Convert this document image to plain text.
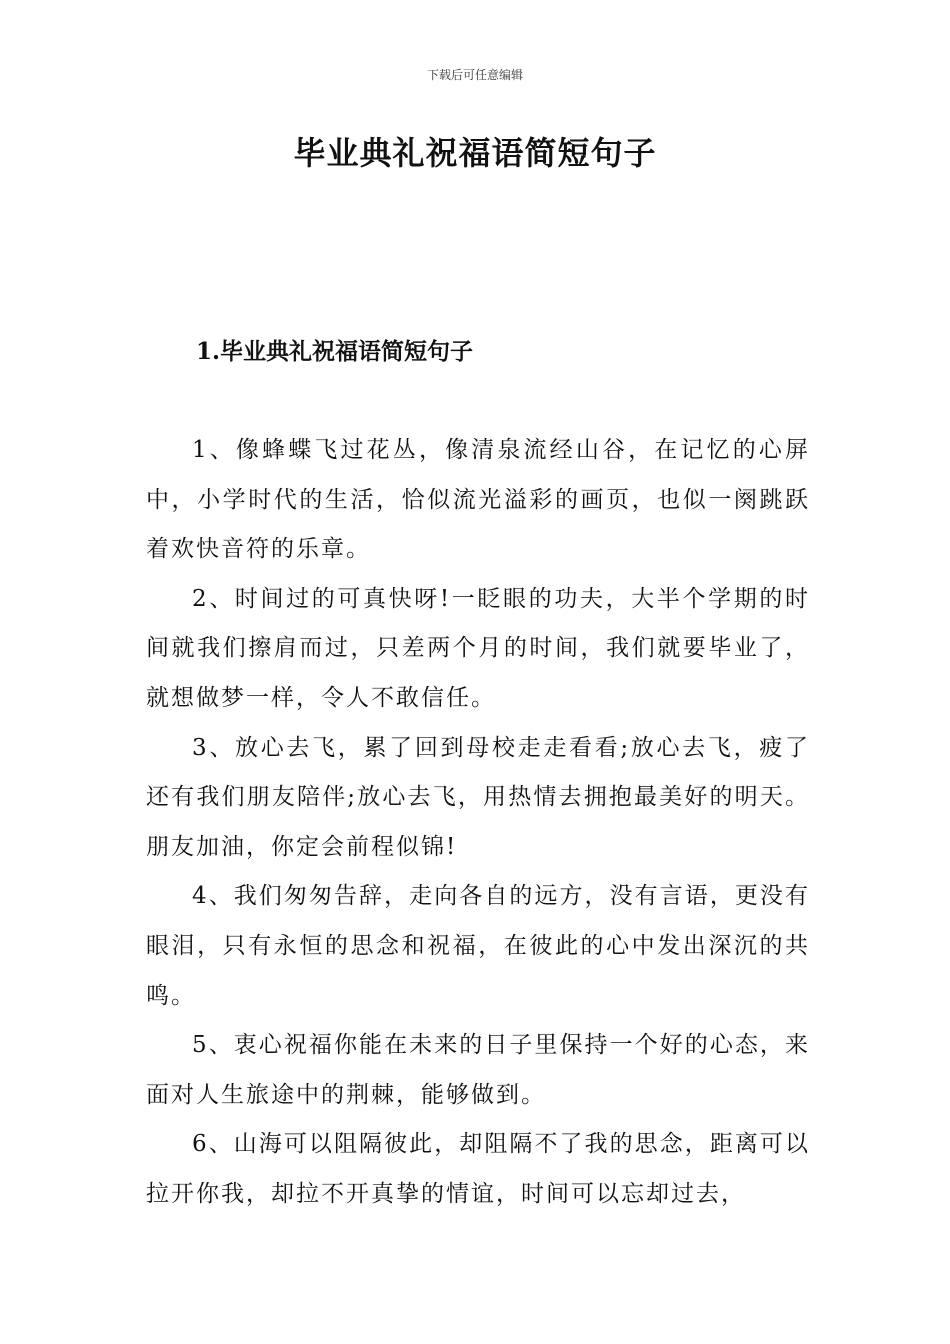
下载后可任意编辑
毕业典礼祝福语简短句子
1.毕业典礼祝福语简短句子

1、像蜂蝶飞过花丛，像清泉流经山谷，在记忆的心屏中，小学时代的生活，恰似流光溢彩的画页，也似一阕跳跃着欢快音符的乐章。

2、时间过的可真快呀!一眨眼的功夫，大半个学期的时间就我们擦肩而过，只差两个月的时间，我们就要毕业了，就想做梦一样，令人不敢信任。

3、放心去飞，累了回到母校走走看看;放心去飞，疲了还有我们朋友陪伴;放心去飞，用热情去拥抱最美好的明天。朋友加油，你定会前程似锦!

4、我们匆匆告辞，走向各自的远方，没有言语，更没有眼泪，只有永恒的思念和祝福，在彼此的心中发出深沉的共鸣。

5、衷心祝福你能在未来的日子里保持一个好的心态，来面对人生旅途中的荆棘，能够做到。

6、山海可以阻隔彼此，却阻隔不了我的思念，距离可以拉开你我，却拉不开真挚的情谊，时间可以忘却过去，
